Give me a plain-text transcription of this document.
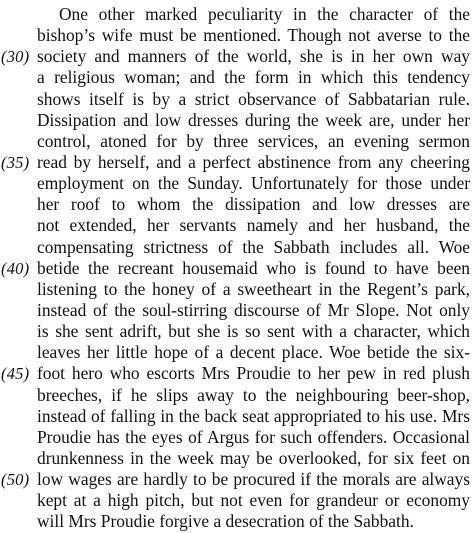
One other marked peculiarity in the character of the
bishop’s wife must be mentioned. Though not averse to the
(30) society and manners of the world, she is in her own way
a religious woman; and the form in which this tendency
shows itself is by a strict observance of Sabbatarian rule.
Dissipation and low dresses during the week are, under her
control, atoned for by three services, an evening sermon
(35) read by herself, and a perfect abstinence from any cheering
employment on the Sunday. Unfortunately for those under
her roof to whom the dissipation and low dresses are
not extended, her servants namely and her husband, the
compensating strictness of the Sabbath includes all. Woe
(40) betide the recreant housemaid who is found to have been
listening to the honey of a sweetheart in the Regent’s park,
instead of the soul-stirring discourse of Mr Slope. Not only
is she sent adrift, but she is so sent with a character, which
leaves her little hope of a decent place. Woe betide the six-
(45) foot hero who escorts Mrs Proudie to her pew in red plush
breeches, if he slips away to the neighbouring beer-shop,
instead of falling in the back seat appropriated to his use. Mrs
Proudie has the eyes of Argus for such offenders. Occasional
drunkenness in the week may be overlooked, for six feet on
(50) low wages are hardly to be procured if the morals are always
kept at a high pitch, but not even for grandeur or economy
will Mrs Proudie forgive a desecration of the Sabbath.
